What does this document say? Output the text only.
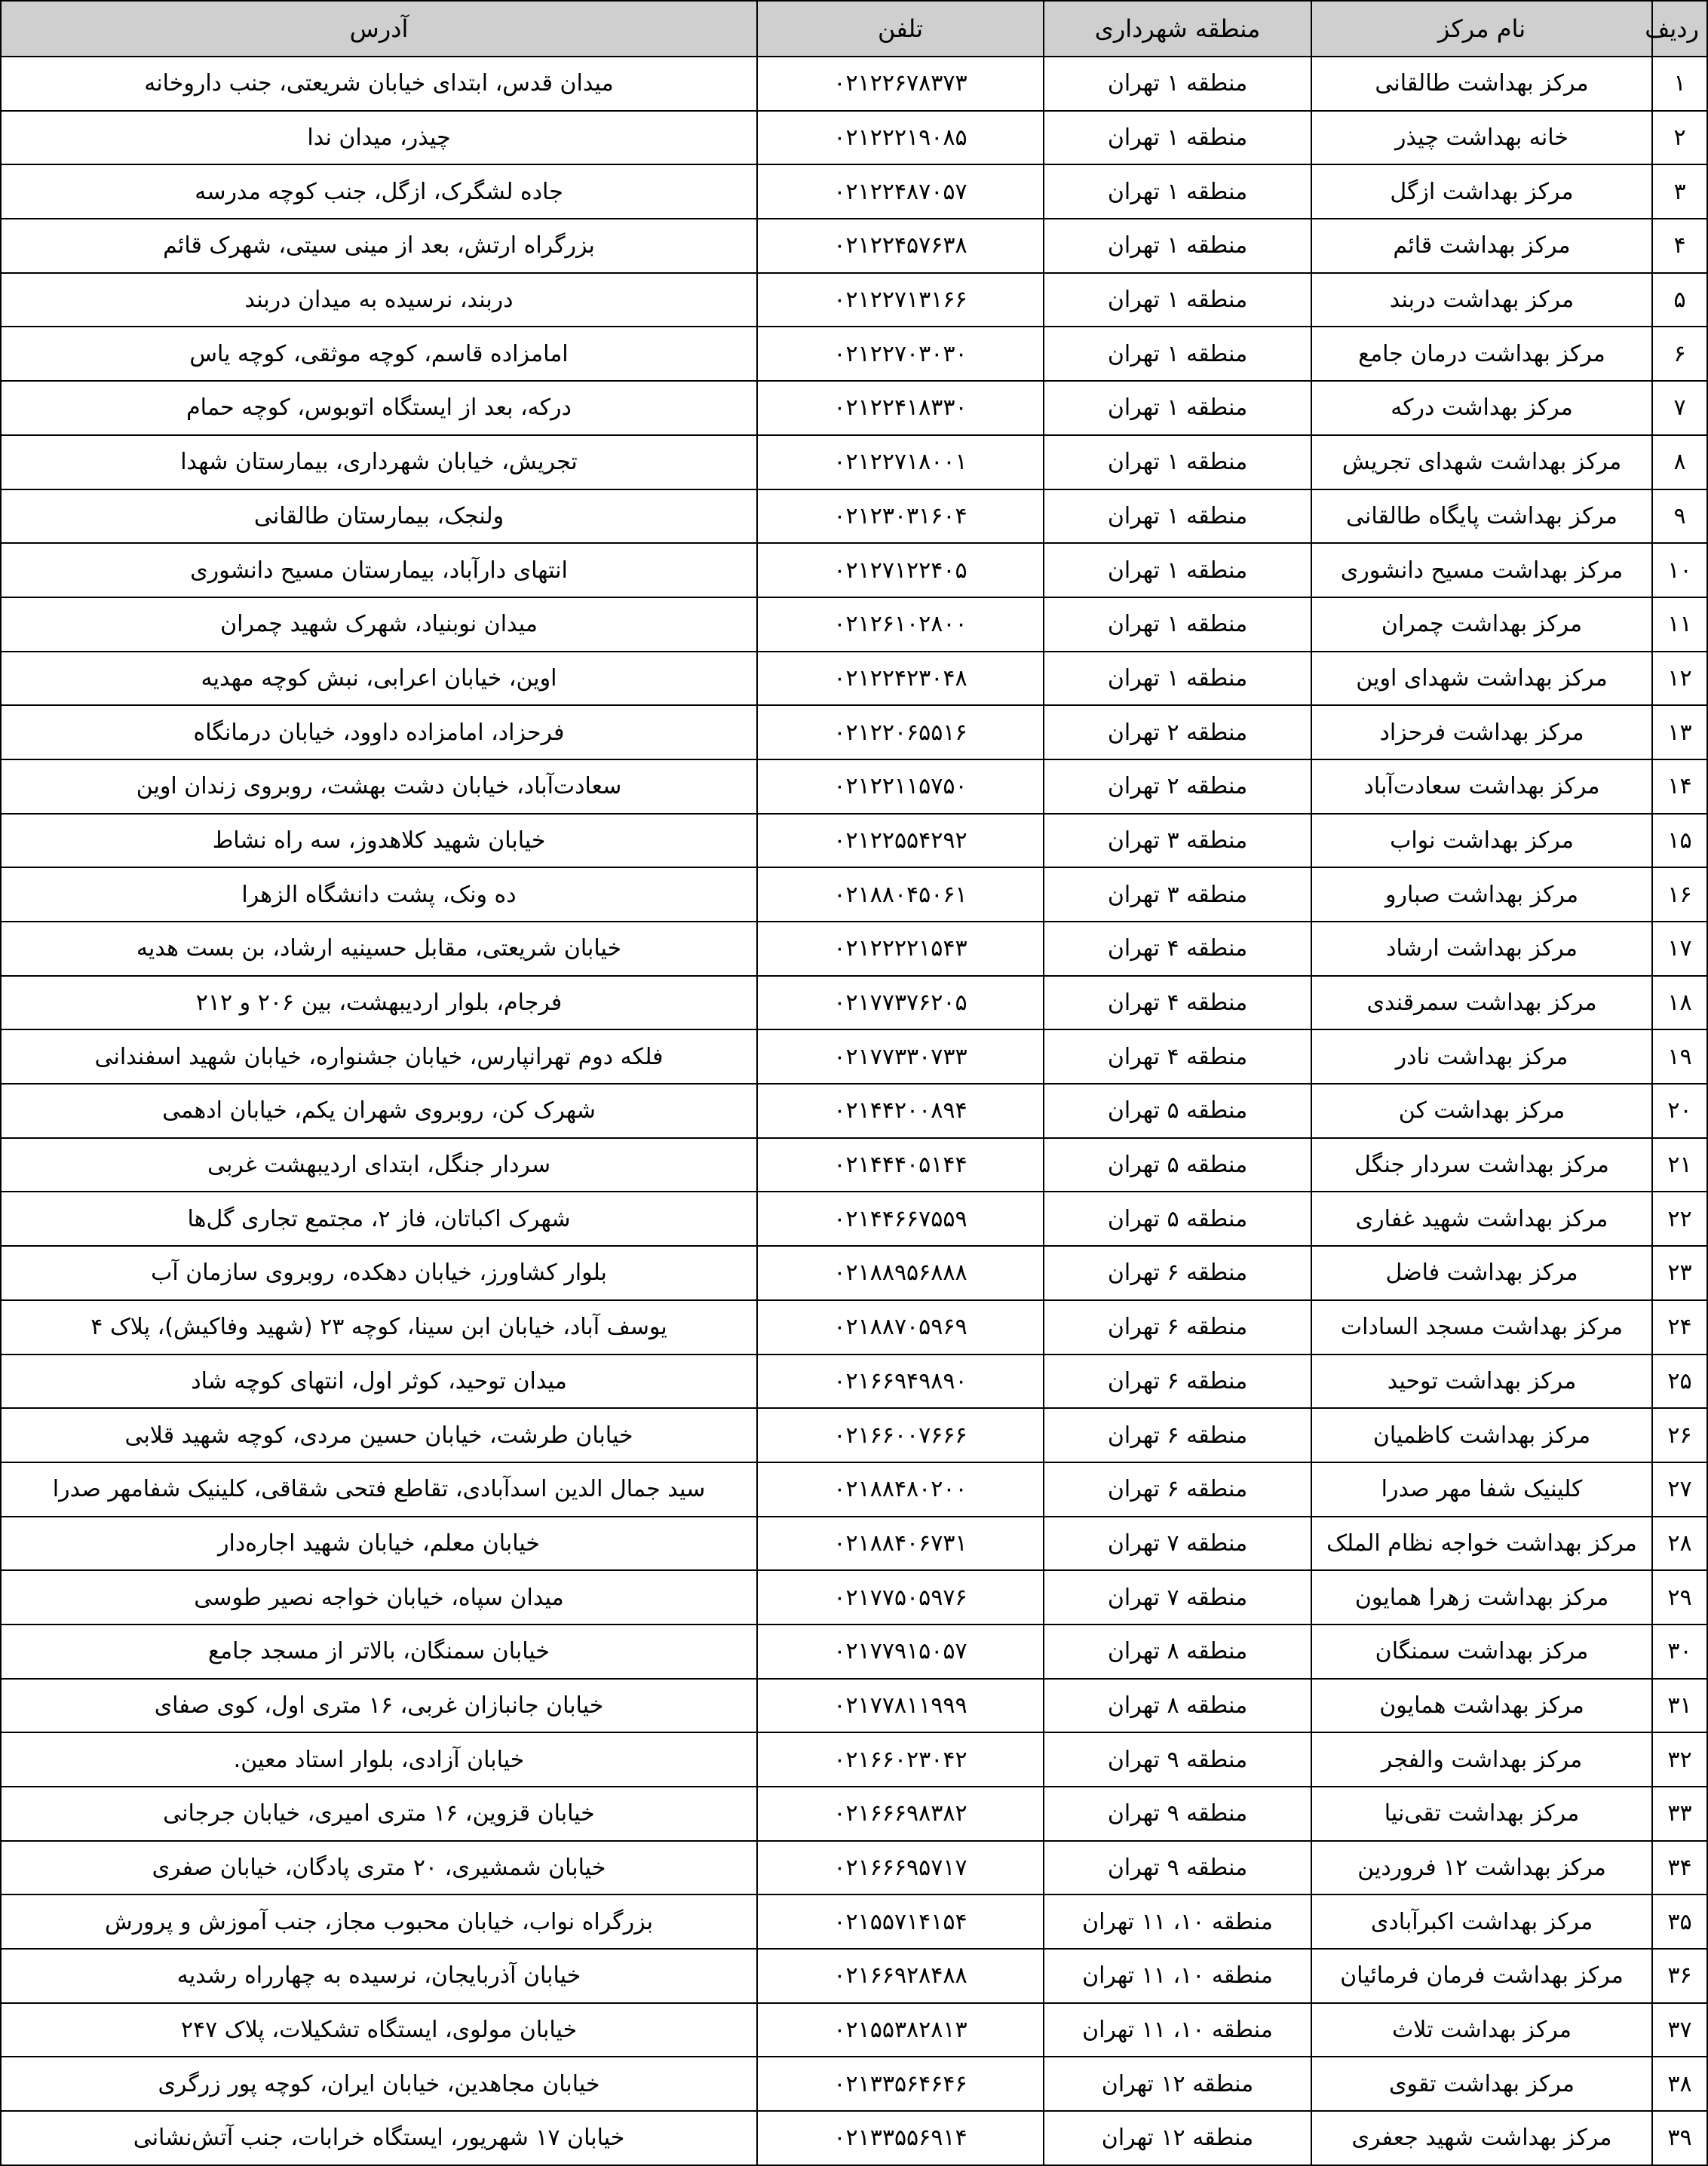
ردیف	نام مرکز	منطقه شهرداری	تلفن	آدرس
۱	مرکز بهداشت طالقانی	منطقه ۱ تهران	۰۲۱۲۲۶۷۸۳۷۳	میدان قدس، ابتدای خیابان شریعتی، جنب داروخانه
۲	خانه بهداشت چیذر	منطقه ۱ تهران	۰۲۱۲۲۲۱۹۰۸۵	چیذر، میدان ندا
۳	مرکز بهداشت ازگل	منطقه ۱ تهران	۰۲۱۲۲۴۸۷۰۵۷	جاده لشگرک، ازگل، جنب کوچه مدرسه
۴	مرکز بهداشت قائم	منطقه ۱ تهران	۰۲۱۲۲۴۵۷۶۳۸	بزرگراه ارتش، بعد از مینی سیتی، شهرک قائم
۵	مرکز بهداشت دربند	منطقه ۱ تهران	۰۲۱۲۲۷۱۳۱۶۶	دربند، نرسیده به میدان دربند
۶	مرکز بهداشت درمان جامع	منطقه ۱ تهران	۰۲۱۲۲۷۰۳۰۳۰	امامزاده قاسم، کوچه موثقی، کوچه یاس
۷	مرکز بهداشت درکه	منطقه ۱ تهران	۰۲۱۲۲۴۱۸۳۳۰	درکه، بعد از ایستگاه اتوبوس، کوچه حمام
۸	مرکز بهداشت شهدای تجریش	منطقه ۱ تهران	۰۲۱۲۲۷۱۸۰۰۱	تجریش، خیابان شهرداری، بیمارستان شهدا
۹	مرکز بهداشت پایگاه طالقانی	منطقه ۱ تهران	۰۲۱۲۳۰۳۱۶۰۴	ولنجک، بیمارستان طالقانی
۱۰	مرکز بهداشت مسیح دانشوری	منطقه ۱ تهران	۰۲۱۲۷۱۲۲۴۰۵	انتهای دارآباد، بیمارستان مسیح دانشوری
۱۱	مرکز بهداشت چمران	منطقه ۱ تهران	۰۲۱۲۶۱۰۲۸۰۰	میدان نوبنیاد، شهرک شهید چمران
۱۲	مرکز بهداشت شهدای اوین	منطقه ۱ تهران	۰۲۱۲۲۴۲۳۰۴۸	اوین، خیابان اعرابی، نبش کوچه مهدیه
۱۳	مرکز بهداشت فرحزاد	منطقه ۲ تهران	۰۲۱۲۲۰۶۵۵۱۶	فرحزاد، امامزاده داوود، خیابان درمانگاه
۱۴	مرکز بهداشت سعادت‌آباد	منطقه ۲ تهران	۰۲۱۲۲۱۱۵۷۵۰	سعادت‌آباد، خیابان دشت بهشت، روبروی زندان اوین
۱۵	مرکز بهداشت نواب	منطقه ۳ تهران	۰۲۱۲۲۵۵۴۲۹۲	خیابان شهید کلاهدوز، سه راه نشاط
۱۶	مرکز بهداشت صبارو	منطقه ۳ تهران	۰۲۱۸۸۰۴۵۰۶۱	ده ونک، پشت دانشگاه الزهرا
۱۷	مرکز بهداشت ارشاد	منطقه ۴ تهران	۰۲۱۲۲۲۲۱۵۴۳	خیابان شریعتی، مقابل حسینیه ارشاد، بن بست هدیه
۱۸	مرکز بهداشت سمرقندی	منطقه ۴ تهران	۰۲۱۷۷۳۷۶۲۰۵	فرجام، بلوار اردیبهشت، بین ۲۰۶ و ۲۱۲
۱۹	مرکز بهداشت نادر	منطقه ۴ تهران	۰۲۱۷۷۳۳۰۷۳۳	فلکه دوم تهرانپارس، خیابان جشنواره، خیابان شهید اسفندانی
۲۰	مرکز بهداشت کن	منطقه ۵ تهران	۰۲۱۴۴۲۰۰۸۹۴	شهرک کن، روبروی شهران یکم، خیابان ادهمی
۲۱	مرکز بهداشت سردار جنگل	منطقه ۵ تهران	۰۲۱۴۴۴۰۵۱۴۴	سردار جنگل، ابتدای اردیبهشت غربی
۲۲	مرکز بهداشت شهید غفاری	منطقه ۵ تهران	۰۲۱۴۴۶۶۷۵۵۹	شهرک اکباتان، فاز ۲، مجتمع تجاری گل‌ها
۲۳	مرکز بهداشت فاضل	منطقه ۶ تهران	۰۲۱۸۸۹۵۶۸۸۸	بلوار کشاورز، خیابان دهکده، روبروی سازمان آب
۲۴	مرکز بهداشت مسجد السادات	منطقه ۶ تهران	۰۲۱۸۸۷۰۵۹۶۹	یوسف آباد، خیابان ابن سینا، کوچه ۲۳ (شهید وفاکیش)، پلاک ۴
۲۵	مرکز بهداشت توحید	منطقه ۶ تهران	۰۲۱۶۶۹۴۹۸۹۰	میدان توحید، کوثر اول، انتهای کوچه شاد
۲۶	مرکز بهداشت کاظمیان	منطقه ۶ تهران	۰۲۱۶۶۰۰۷۶۶۶	خیابان طرشت، خیابان حسین مردی، کوچه شهید قلابی
۲۷	کلینیک شفا مهر صدرا	منطقه ۶ تهران	۰۲۱۸۸۴۸۰۲۰۰	سید جمال الدین اسدآبادی، تقاطع فتحی شقاقی، کلینیک شفامهر صدرا
۲۸	مرکز بهداشت خواجه نظام الملک	منطقه ۷ تهران	۰۲۱۸۸۴۰۶۷۳۱	خیابان معلم، خیابان شهید اجاره‌دار
۲۹	مرکز بهداشت زهرا همایون	منطقه ۷ تهران	۰۲۱۷۷۵۰۵۹۷۶	میدان سپاه، خیابان خواجه نصیر طوسی
۳۰	مرکز بهداشت سمنگان	منطقه ۸ تهران	۰۲۱۷۷۹۱۵۰۵۷	خیابان سمنگان، بالاتر از مسجد جامع
۳۱	مرکز بهداشت همایون	منطقه ۸ تهران	۰۲۱۷۷۸۱۱۹۹۹	خیابان جانبازان غربی، ۱۶ متری اول، کوی صفای
۳۲	مرکز بهداشت والفجر	منطقه ۹ تهران	۰۲۱۶۶۰۲۳۰۴۲	خیابان آزادی، بلوار استاد معین.
۳۳	مرکز بهداشت تقی‌نیا	منطقه ۹ تهران	۰۲۱۶۶۶۹۸۳۸۲	خیابان قزوین، ۱۶ متری امیری، خیابان جرجانی
۳۴	مرکز بهداشت ۱۲ فروردین	منطقه ۹ تهران	۰۲۱۶۶۶۹۵۷۱۷	خیابان شمشیری، ۲۰ متری پادگان، خیابان صفری
۳۵	مرکز بهداشت اکبرآبادی	منطقه ۱۰، ۱۱ تهران	۰۲۱۵۵۷۱۴۱۵۴	بزرگراه نواب، خیابان محبوب مجاز، جنب آموزش و پرورش
۳۶	مرکز بهداشت فرمان فرمائیان	منطقه ۱۰، ۱۱ تهران	۰۲۱۶۶۹۲۸۴۸۸	خیابان آذربایجان، نرسیده به چهارراه رشدیه
۳۷	مرکز بهداشت تلاث	منطقه ۱۰، ۱۱ تهران	۰۲۱۵۵۳۸۲۸۱۳	خیابان مولوی، ایستگاه تشکیلات، پلاک ۲۴۷
۳۸	مرکز بهداشت تقوی	منطقه ۱۲ تهران	۰۲۱۳۳۵۶۴۶۴۶	خیابان مجاهدین، خیابان ایران، کوچه پور زرگری
۳۹	مرکز بهداشت شهید جعفری	منطقه ۱۲ تهران	۰۲۱۳۳۵۵۶۹۱۴	خیابان ۱۷ شهریور، ایستگاه خرابات، جنب آتش‌نشانی
